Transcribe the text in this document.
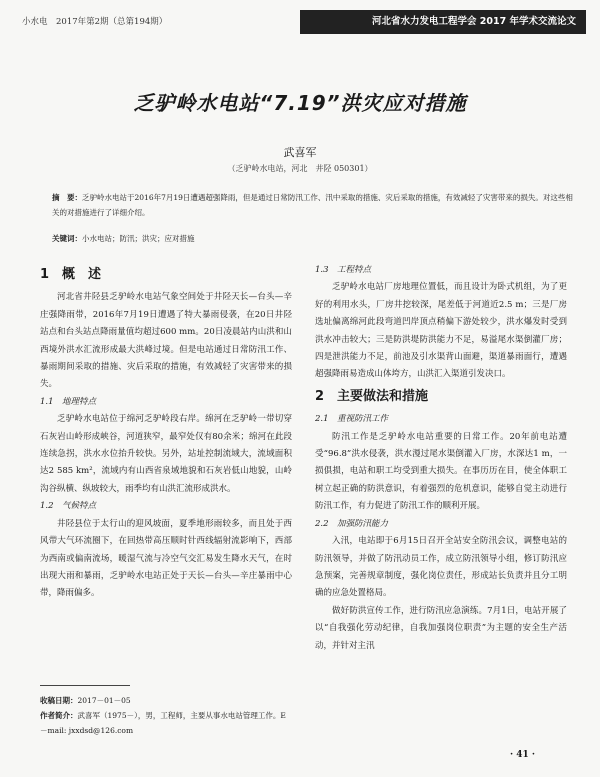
小水电　2017年第2期（总第194期）	河北省水力发电工程学会 2017 年学术交流论文
乏驴岭水电站“7.19”洪灾应对措施
武喜军
（乏驴岭水电站，河北　井陉 050301）
摘　要：乏驴岭水电站于2016年7月19日遭遇超强降雨，但是通过日常防汛工作、汛中采取的措施、灾后采取的措施，有效减轻了灾害带来的损失。对这些相关的对措施进行了详细介绍。
关键词：小水电站；防汛；洪灾；应对措施
1　概　述

河北省井陉县乏驴岭水电站气象空间处于井陉天长—台头—辛庄强降雨带，2016年7月19日遭遇了特大暴雨侵袭，在20日井陉站点和台头站点降雨量值均超过600 mm。20日凌晨站内山洪和山西境外洪水汇流形成最大洪峰过境。但是电站通过日常防汛工作、暴雨期间采取的措施、灾后采取的措施，有效减轻了灾害带来的损失。

1.1　地理特点

乏驴岭水电站位于绵河乏驴岭段右岸。绵河在乏驴岭一带切穿石灰岩山岭形成峡谷，河道狭窄，最窄处仅有80余米；绵河在此段连续急拐，洪水水位抬升较快。另外，站址控制流域大，流域面积达2 585 km²，流域内有山西省泉域地貌和石灰岩低山地貌，山岭沟谷纵横、纵坡较大，雨季均有山洪汇流形成洪水。

1.2　气候特点

井陉县位于太行山的迎风坡面，夏季地形雨较多，而且处于西风带大气环流圈下，在回热带高压顺时针西线辐射流影响下，西部为西南或偏南流场，暖湿气流与冷空气交汇易发生降水天气，在时出现大雨和暴雨，乏驴岭水电站正处于天长—台头—辛庄暴雨中心带，降雨偏多。

1.3　工程特点

乏驴岭水电站厂房地理位置低，而且设计为卧式机组，为了更好的利用水头，厂房井挖较深，尾差低于河道近2.5 m；三是厂房选址偏离绵河此段弯道凹岸顶点稍偏下游处较少，洪水爆发时受到洪水冲击较大；三是防洪堤防洪能力不足，易溢尾水渠倒灌厂房；四是泄洪能力不足，前池及引水渠背山面避，渠道暴雨面行，遭遇超强降雨易造成山体垮方，山洪汇入渠道引发决口。

2　主要做法和措施
2.1　重视防汛工作

防汛工作是乏驴岭水电站重要的日常工作。20年前电站遭受“96.8”洪水侵袭，洪水漫过尾水渠倒灌入厂房，水深达1 m，一损俱损，电站和职工均受到重大损失。在事历历在目，使全体职工树立起正确的防洪意识，有着强烈的危机意识，能够自觉主动进行防汛工作，有力促进了防汛工作的顺利开展。

2.2　加强防汛能力

入汛，电站即于6月15日召开全站安全防汛会议，调整电站的防汛领导，并做了防汛动员工作，成立防汛领导小组，修订防汛应急预案，完善规章制度，强化岗位责任，形成站长负责并且分工明确的应急处置格局。

做好防洪宣传工作，进行防汛应急演练。7月1日，电站开展了以“自我强化劳动纪律，自我加强岗位职责”为主题的安全生产活动，并针对主汛

收稿日期：2017－01－05
作者简介：武喜军（1975－），男，工程师，主要从事水电站管理工作。E－mail: jxxdsd@126.com
· 41 ·
